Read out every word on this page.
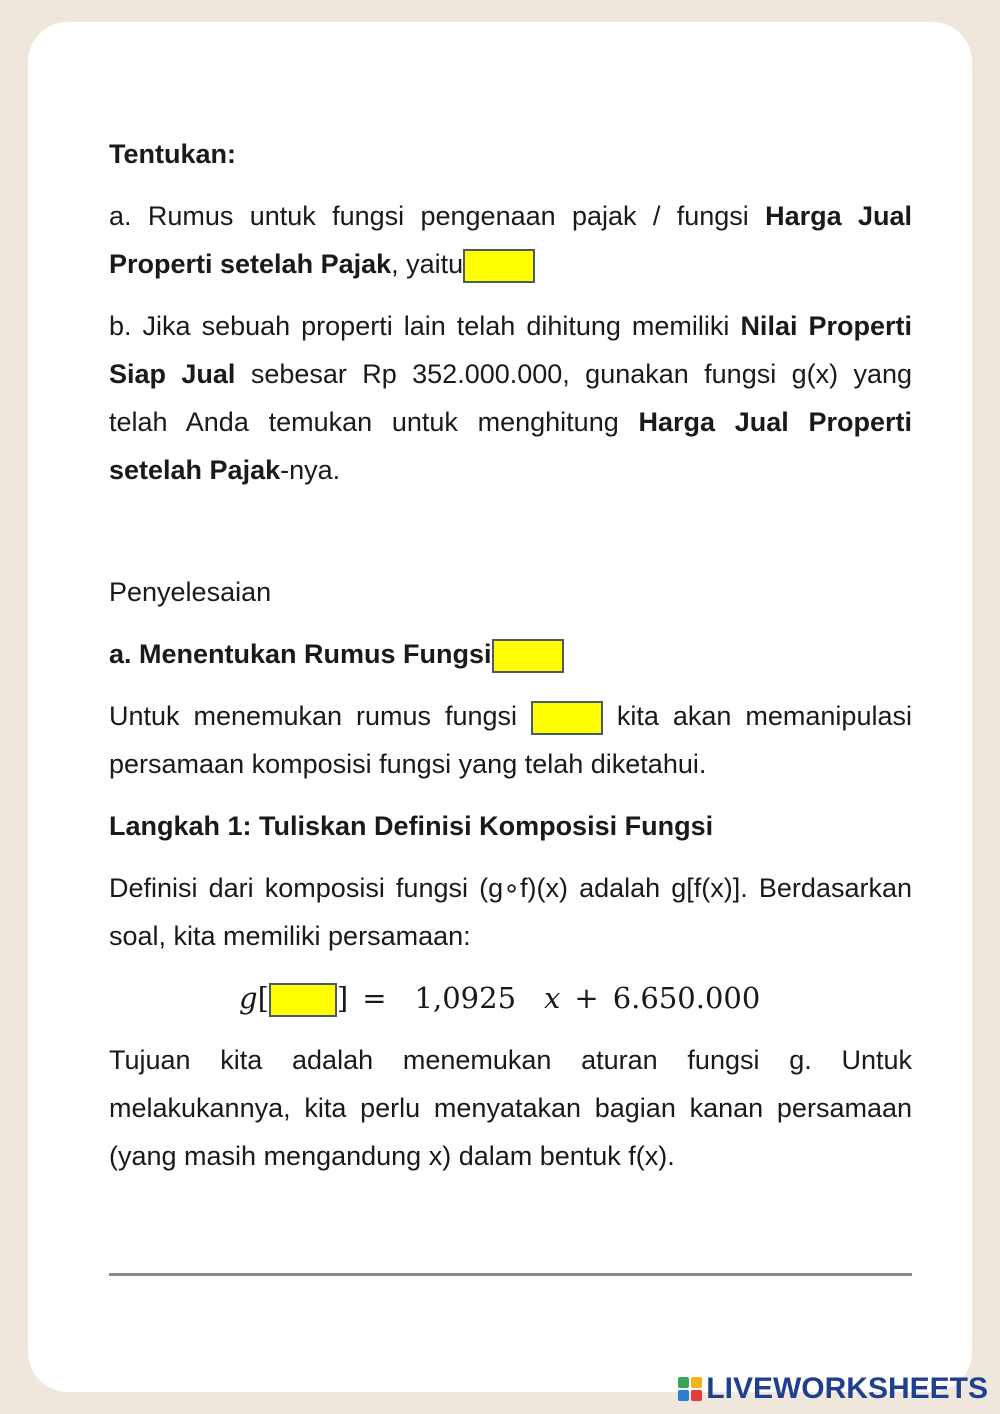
Tentukan:

a. Rumus untuk fungsi pengenaan pajak / fungsi Harga Jual Properti setelah Pajak, yaitu

b. Jika sebuah properti lain telah dihitung memiliki Nilai Properti Siap Jual sebesar Rp 352.000.000, gunakan fungsi g(x) yang telah Anda temukan untuk menghitung Harga Jual Properti setelah Pajak-nya.

Penyelesaian

a. Menentukan Rumus Fungsi

Untuk menemukan rumus fungsi	kita akan memanipulasi persamaan komposisi fungsi yang telah diketahui.

Langkah 1: Tuliskan Definisi Komposisi Fungsi

Definisi dari komposisi fungsi (g∘f)(x) adalah g[f(x)]. Berdasarkan soal, kita memiliki persamaan:

g[ ] = 1,0925 x + 6.650.000

Tujuan kita adalah menemukan aturan fungsi g. Untuk melakukannya, kita perlu menyatakan bagian kanan persamaan (yang masih mengandung x) dalam bentuk f(x).

LIVEWORKSHEETS
